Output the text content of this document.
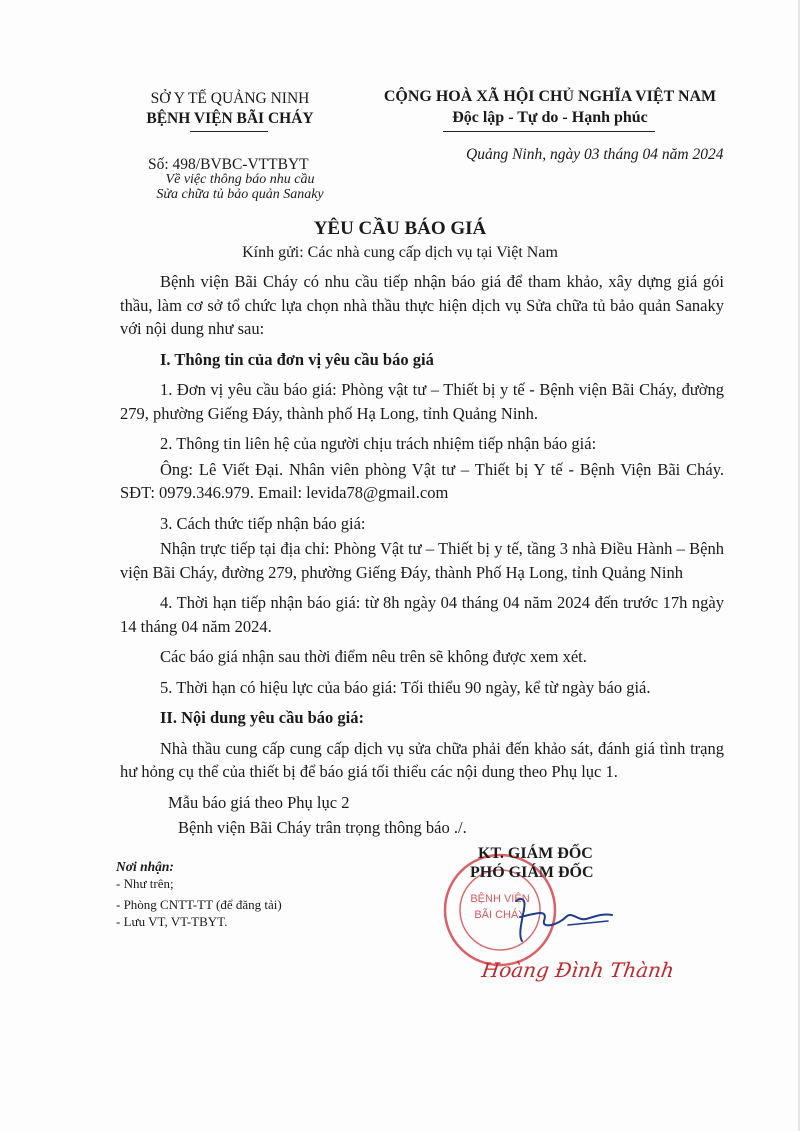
SỞ Y TẾ QUẢNG NINH
BỆNH VIỆN BÃI CHÁY
CỘNG HOÀ XÃ HỘI CHỦ NGHĨA VIỆT NAM
Độc lập - Tự do - Hạnh phúc
Số: 498/BVBC-VTTBYT
Về việc thông báo nhu cầu
Sửa chữa tủ bảo quản Sanaky
Quảng Ninh, ngày 03 tháng 04 năm 2024
YÊU CẦU BÁO GIÁ
Kính gửi: Các nhà cung cấp dịch vụ tại Việt Nam

Bệnh viện Bãi Cháy có nhu cầu tiếp nhận báo giá để tham khảo, xây dựng giá gói thầu, làm cơ sở tổ chức lựa chọn nhà thầu thực hiện dịch vụ Sửa chữa tủ bảo quản Sanaky với nội dung như sau:

I. Thông tin của đơn vị yêu cầu báo giá

1. Đơn vị yêu cầu báo giá: Phòng vật tư – Thiết bị y tế - Bệnh viện Bãi Cháy, đường 279, phường Giếng Đáy, thành phố Hạ Long, tỉnh Quảng Ninh.

2. Thông tin liên hệ của người chịu trách nhiệm tiếp nhận báo giá:

Ông: Lê Viết Đại. Nhân viên phòng Vật tư – Thiết bị Y tế - Bệnh Viện Bãi Cháy. SĐT: 0979.346.979. Email: levida78@gmail.com

3. Cách thức tiếp nhận báo giá:

Nhận trực tiếp tại địa chỉ: Phòng Vật tư – Thiết bị y tế, tầng 3 nhà Điều Hành – Bệnh viện Bãi Cháy, đường 279, phường Giếng Đáy, thành Phố Hạ Long, tỉnh Quảng Ninh

4. Thời hạn tiếp nhận báo giá: từ 8h ngày 04 tháng 04 năm 2024 đến trước 17h ngày 14 tháng 04 năm 2024.

Các báo giá nhận sau thời điểm nêu trên sẽ không được xem xét.

5. Thời hạn có hiệu lực của báo giá: Tối thiểu 90 ngày, kể từ ngày báo giá.

II. Nội dung yêu cầu báo giá:

Nhà thầu cung cấp cung cấp dịch vụ sửa chữa phải đến khảo sát, đánh giá tình trạng hư hỏng cụ thể của thiết bị để báo giá tối thiểu các nội dung theo Phụ lục 1.

Mẫu báo giá theo Phụ lục 2

Bệnh viện Bãi Cháy trân trọng thông báo ./.

Nơi nhận:
- Như trên;
- Phòng CNTT-TT (để đăng tải)
- Lưu VT, VT-TBYT.
BỆNH VIỆN
BÃI CHÁY
KT. GIÁM ĐỐC
PHÓ GIÁM ĐỐC
Hoàng Đình Thành
